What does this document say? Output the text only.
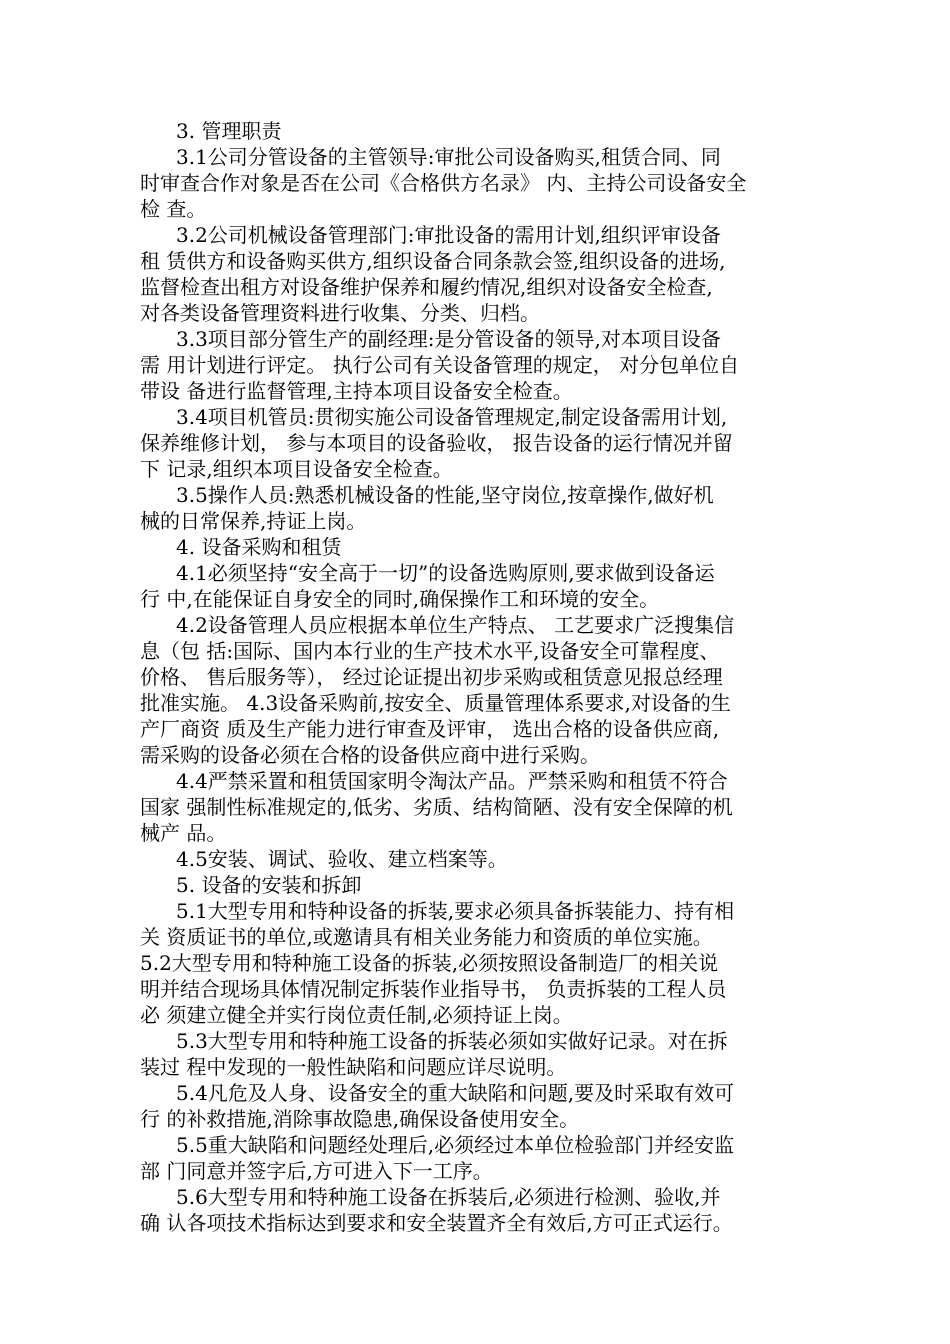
3. 管理职责
3.1公司分管设备的主管领导:审批公司设备购买,租赁合同、同
时审查合作对象是否在公司《合格供方名录》 内、主持公司设备安全
检 查。
3.2公司机械设备管理部门:审批设备的需用计划,组织评审设备
租 赁供方和设备购买供方,组织设备合同条款会签,组织设备的进场,
监督检查出租方对设备维护保养和履约情况,组织对设备安全检查,
对各类设备管理资料进行收集、分类、归档。
3.3项目部分管生产的副经理:是分管设备的领导,对本项目设备
需 用计划进行评定。 执行公司有关设备管理的规定， 对分包单位自
带设 备进行监督管理,主持本项目设备安全检查。
3.4项目机管员:贯彻实施公司设备管理规定,制定设备需用计划,
保养维修计划， 参与本项目的设备验收， 报告设备的运行情况并留
下 记录,组织本项目设备安全检查。
3.5操作人员:熟悉机械设备的性能,坚守岗位,按章操作,做好机
械的日常保养,持证上岗。
4. 设备采购和租赁
4.1必须坚持“安全高于一切”的设备选购原则,要求做到设备运
行 中,在能保证自身安全的同时,确保操作工和环境的安全。
4.2设备管理人员应根据本单位生产特点、 工艺要求广泛搜集信
息（包 括:国际、国内本行业的生产技术水平,设备安全可靠程度、
价格、 售后服务等）， 经过论证提出初步采购或租赁意见报总经理
批准实施。 4.3设备采购前,按安全、质量管理体系要求,对设备的生
产厂商资 质及生产能力进行审查及评审， 选出合格的设备供应商,
需采购的设备必须在合格的设备供应商中进行采购。
4.4严禁采置和租赁国家明令淘汰产品。严禁采购和租赁不符合
国家 强制性标准规定的,低劣、劣质、结构简陋、没有安全保障的机
械产 品。
4.5安装、调试、验收、建立档案等。
5. 设备的安装和拆卸
5.1大型专用和特种设备的拆装,要求必须具备拆装能力、持有相
关 资质证书的单位,或邀请具有相关业务能力和资质的单位实施。
5.2大型专用和特种施工设备的拆装,必须按照设备制造厂的相关说
明并结合现场具体情况制定拆装作业指导书， 负责拆装的工程人员
必 须建立健全并实行岗位责任制,必须持证上岗。
5.3大型专用和特种施工设备的拆装必须如实做好记录。对在拆
装过 程中发现的一般性缺陷和问题应详尽说明。
5.4凡危及人身、设备安全的重大缺陷和问题,要及时采取有效可
行 的补救措施,消除事故隐患,确保设备使用安全。
5.5重大缺陷和问题经处理后,必须经过本单位检验部门并经安监
部 门同意并签字后,方可进入下一工序。
5.6大型专用和特种施工设备在拆装后,必须进行检测、验收,并
确 认各项技术指标达到要求和安全装置齐全有效后,方可正式运行。
